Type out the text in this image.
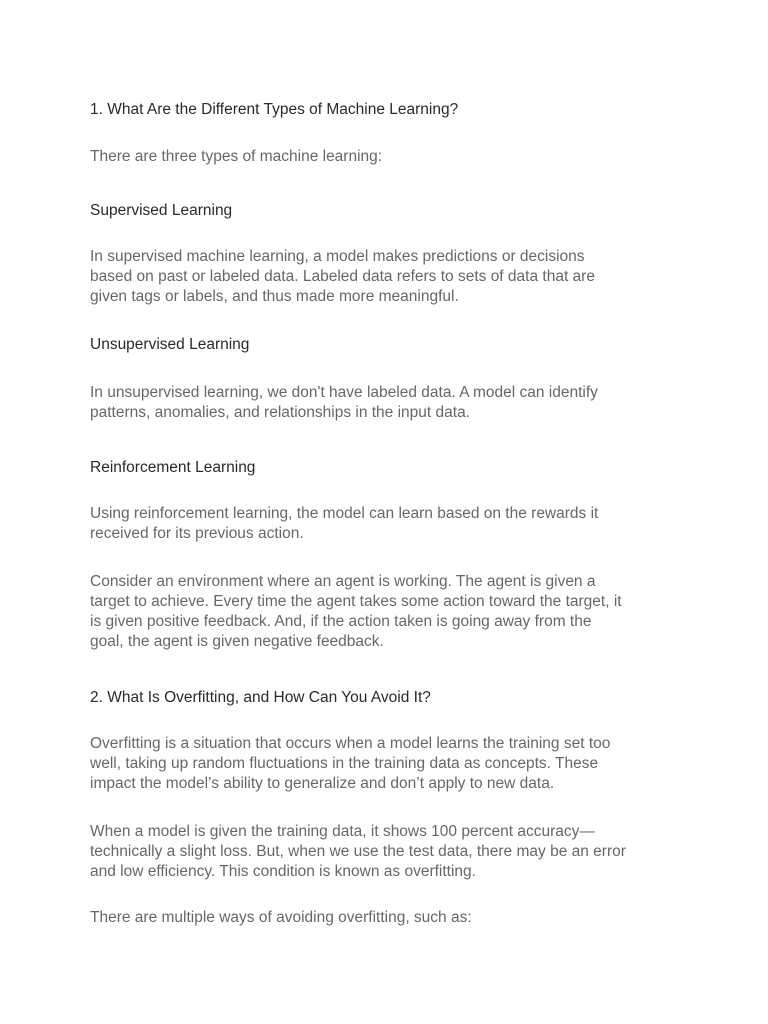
1. What Are the Different Types of Machine Learning?

There are three types of machine learning:

Supervised Learning

In supervised machine learning, a model makes predictions or decisions
based on past or labeled data. Labeled data refers to sets of data that are
given tags or labels, and thus made more meaningful.

Unsupervised Learning

In unsupervised learning, we don't have labeled data. A model can identify
patterns, anomalies, and relationships in the input data.

Reinforcement Learning

Using reinforcement learning, the model can learn based on the rewards it
received for its previous action.

Consider an environment where an agent is working. The agent is given a
target to achieve. Every time the agent takes some action toward the target, it
is given positive feedback. And, if the action taken is going away from the
goal, the agent is given negative feedback.

2. What Is Overfitting, and How Can You Avoid It?

Overfitting is a situation that occurs when a model learns the training set too
well, taking up random fluctuations in the training data as concepts. These
impact the model’s ability to generalize and don’t apply to new data.

When a model is given the training data, it shows 100 percent accuracy—
technically a slight loss. But, when we use the test data, there may be an error
and low efficiency. This condition is known as overfitting.

There are multiple ways of avoiding overfitting, such as:
